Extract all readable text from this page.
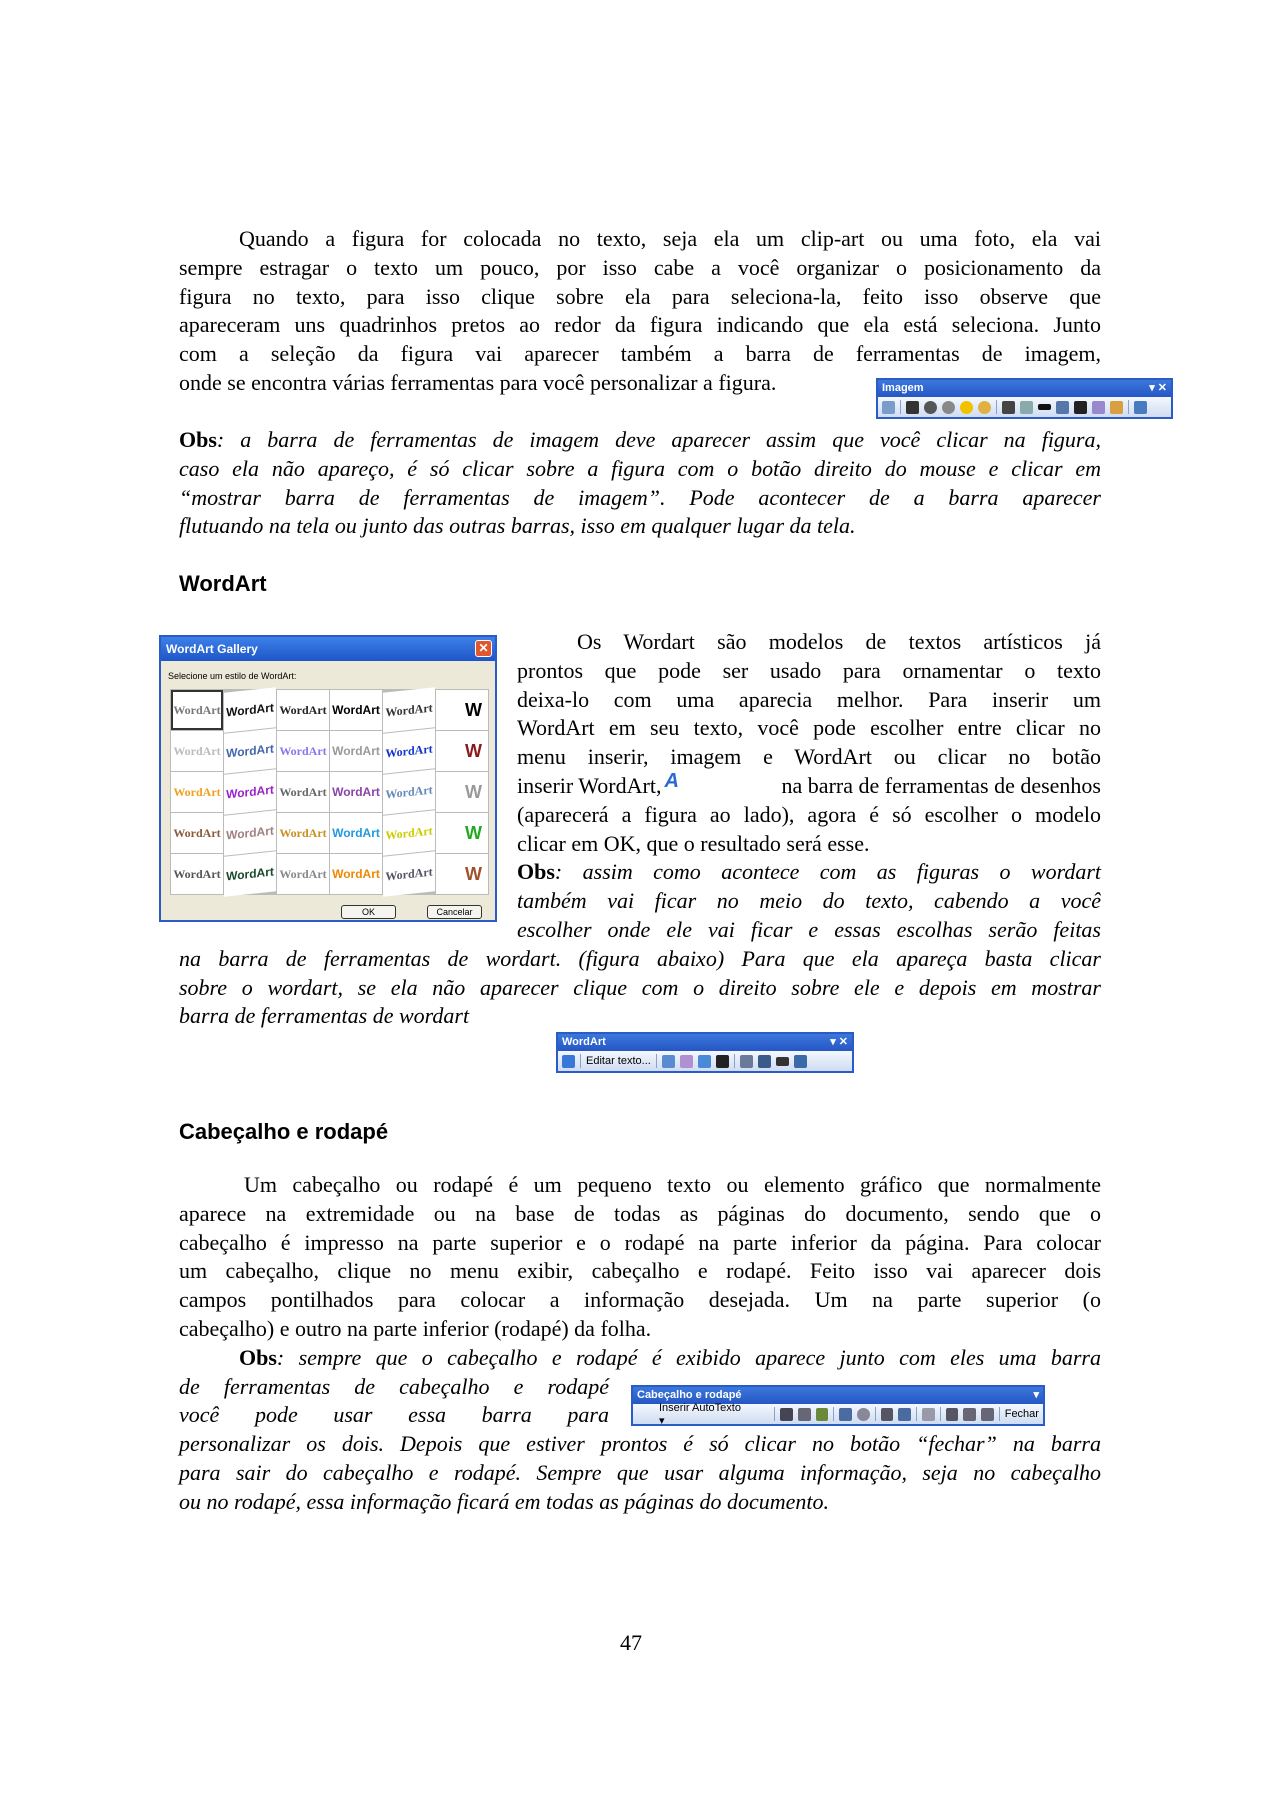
Quando a figura for colocada no texto, seja ela um clip-art ou uma foto, ela vai
sempre estragar o texto um pouco, por isso cabe a você organizar o posicionamento da
figura no texto, para isso clique sobre ela para seleciona-la, feito isso observe que
apareceram uns quadrinhos pretos ao redor da figura indicando que ela está seleciona. Junto
com a seleção da figura vai aparecer também a barra de ferramentas de imagem,
onde se encontra várias ferramentas para você personalizar a figura.	Imagem	▾ ✕
Obs: a barra de ferramentas de imagem deve aparecer assim que você clicar na figura,
caso ela não apareço, é só clicar sobre a figura com o botão direito do mouse e clicar em
“mostrar barra de ferramentas de imagem”. Pode acontecer de a barra aparecer
flutuando na tela ou junto das outras barras, isso em qualquer lugar da tela.
WordArt
WordArt Gallery	✕
Selecione um estilo de WordArt:
WordArt WordArt WordArt WordArt WordArt	W
WordArt WordArt WordArt WordArt WordArt	W
WordArt WordArt WordArt WordArt WordArt	W
WordArt WordArt WordArt WordArt WordArt	W
WordArt WordArt WordArt WordArt WordArt	W
OK	Cancelar
Os Wordart são modelos de textos artísticos já
prontos que pode ser usado para ornamentar o texto
deixa-lo com uma aparecia melhor. Para inserir um
WordArt em seu texto, você pode escolher entre clicar no
menu inserir, imagem e WordArt ou clicar no botão
inserir WordArt, A	na barra de ferramentas de desenhos
(aparecerá a figura ao lado), agora é só escolher o modelo
clicar em OK, que o resultado será esse.
Obs: assim como acontece com as figuras o wordart
também vai ficar no meio do texto, cabendo a você
escolher onde ele vai ficar e essas escolhas serão feitas
na barra de ferramentas de wordart. (figura abaixo) Para que ela apareça basta clicar
sobre o wordart, se ela não aparecer clique com o direito sobre ele e depois em mostrar
barra de ferramentas de wordart
WordArt	▾ ✕
Editar texto...
Cabeçalho e rodapé
Um cabeçalho ou rodapé é um pequeno texto ou elemento gráfico que normalmente
aparece na extremidade ou na base de todas as páginas do documento, sendo que o
cabeçalho é impresso na parte superior e o rodapé na parte inferior da página. Para colocar
um cabeçalho, clique no menu exibir, cabeçalho e rodapé. Feito isso vai aparecer dois
campos pontilhados para colocar a informação desejada. Um na parte superior (o
cabeçalho) e outro na parte inferior (rodapé) da folha.
Obs: sempre que o cabeçalho e rodapé é exibido aparece junto com eles uma barra
de ferramentas de cabeçalho e rodapé
você pode usar essa barra para
personalizar os dois. Depois que estiver prontos é só clicar no botão “fechar” na barra
para sair do cabeçalho e rodapé. Sempre que usar alguma informação, seja no cabeçalho
ou no rodapé, essa informação ficará em todas as páginas do documento.
Cabeçalho e rodapé	▾
Inserir AutoTexto ▾
Fechar
47
